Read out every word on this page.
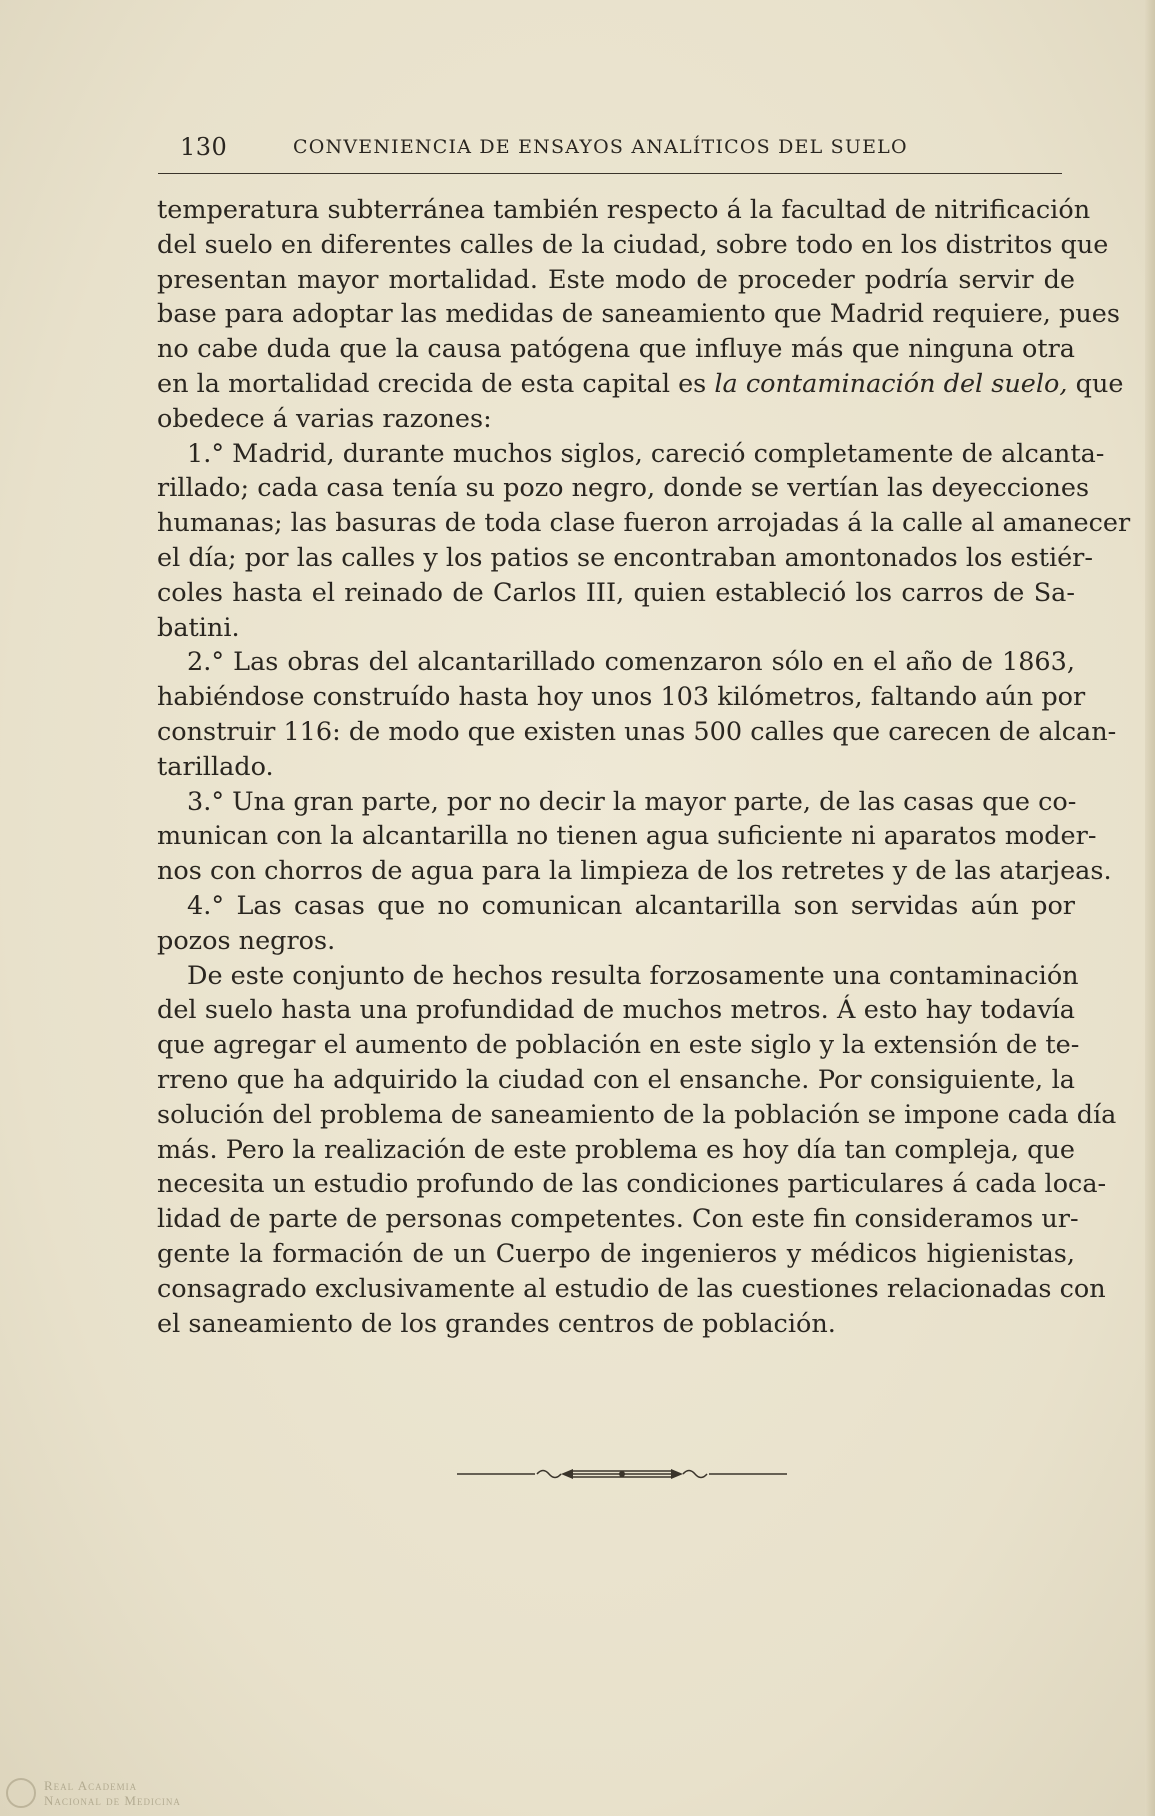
130	CONVENIENCIA DE ENSAYOS ANALÍTICOS DEL SUELO
temperatura subterránea también respecto á la facultad de nitrificación
del suelo en diferentes calles de la ciudad, sobre todo en los distritos que
presentan mayor mortalidad. Este modo de proceder podría servir de
base para adoptar las medidas de saneamiento que Madrid requiere, pues
no cabe duda que la causa patógena que influye más que ninguna otra
en la mortalidad crecida de esta capital es la contaminación del suelo, que
obedece á varias razones:
1.° Madrid, durante muchos siglos, careció completamente de alcanta-
rillado; cada casa tenía su pozo negro, donde se vertían las deyecciones
humanas; las basuras de toda clase fueron arrojadas á la calle al amanecer
el día; por las calles y los patios se encontraban amontonados los estiér-
coles hasta el reinado de Carlos III, quien estableció los carros de Sa-
batini.
2.° Las obras del alcantarillado comenzaron sólo en el año de 1863,
habiéndose construído hasta hoy unos 103 kilómetros, faltando aún por
construir 116: de modo que existen unas 500 calles que carecen de alcan-
tarillado.
3.° Una gran parte, por no decir la mayor parte, de las casas que co-
munican con la alcantarilla no tienen agua suficiente ni aparatos moder-
nos con chorros de agua para la limpieza de los retretes y de las atarjeas.
4.° Las casas que no comunican alcantarilla son servidas aún por
pozos negros.
De este conjunto de hechos resulta forzosamente una contaminación
del suelo hasta una profundidad de muchos metros. Á esto hay todavía
que agregar el aumento de población en este siglo y la extensión de te-
rreno que ha adquirido la ciudad con el ensanche. Por consiguiente, la
solución del problema de saneamiento de la población se impone cada día
más. Pero la realización de este problema es hoy día tan compleja, que
necesita un estudio profundo de las condiciones particulares á cada loca-
lidad de parte de personas competentes. Con este fin consideramos ur-
gente la formación de un Cuerpo de ingenieros y médicos higienistas,
consagrado exclusivamente al estudio de las cuestiones relacionadas con
el saneamiento de los grandes centros de población.
Real Academia
Nacional de Medicina
